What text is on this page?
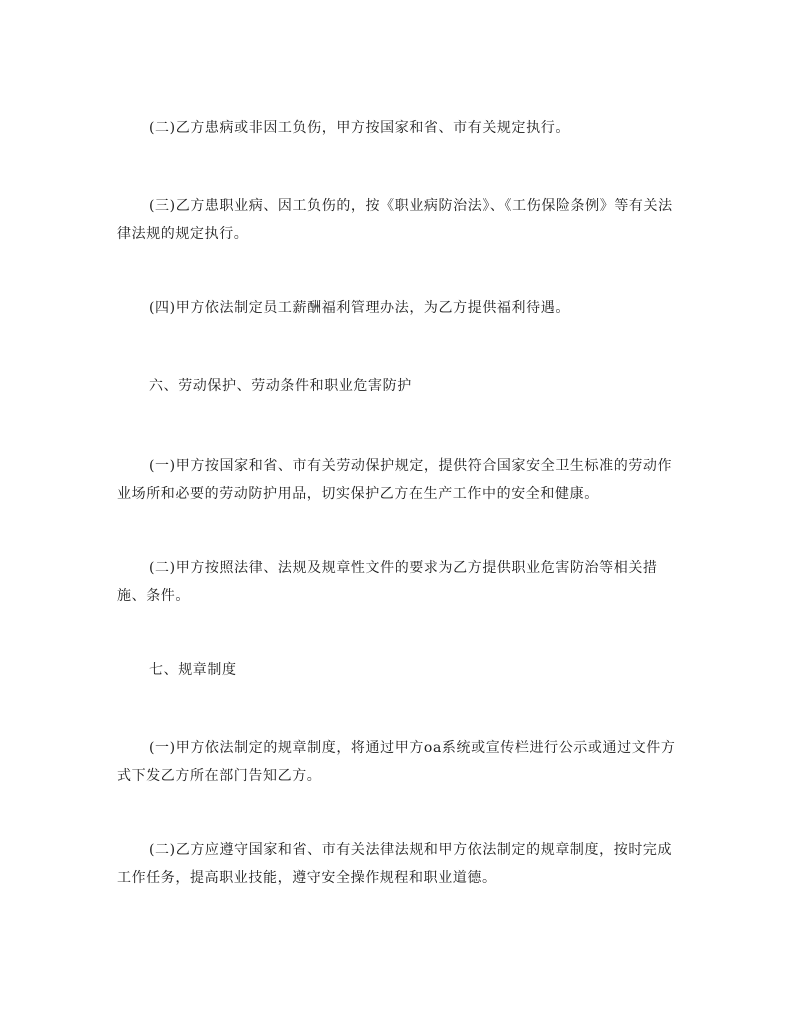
(二)乙方患病或非因工负伤，甲方按国家和省、市有关规定执行。

(三)乙方患职业病、因工负伤的，按《职业病防治法》、《工伤保险条例》等有关法律法规的规定执行。

(四)甲方依法制定员工薪酬福利管理办法，为乙方提供福利待遇。

六、劳动保护、劳动条件和职业危害防护

(一)甲方按国家和省、市有关劳动保护规定，提供符合国家安全卫生标准的劳动作业场所和必要的劳动防护用品，切实保护乙方在生产工作中的安全和健康。

(二)甲方按照法律、法规及规章性文件的要求为乙方提供职业危害防治等相关措施、条件。

七、规章制度

(一)甲方依法制定的规章制度，将通过甲方oa系统或宣传栏进行公示或通过文件方式下发乙方所在部门告知乙方。

(二)乙方应遵守国家和省、市有关法律法规和甲方依法制定的规章制度，按时完成工作任务，提高职业技能，遵守安全操作规程和职业道德。
